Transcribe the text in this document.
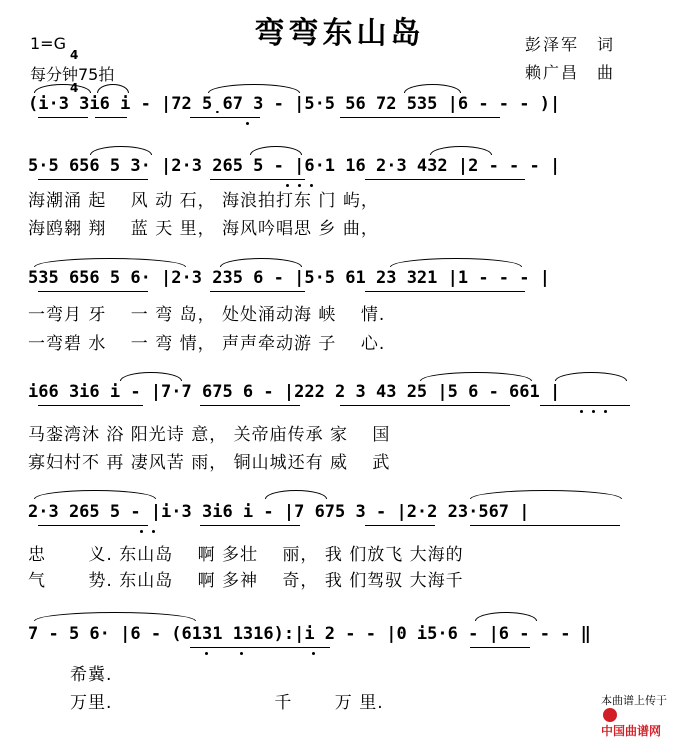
弯弯东山岛
1=G

4

4

每分钟75拍
彭泽军　词
赖广昌　曲
(i·3 3i6 i - |72 5̣67 3 - |5·5 56 72 535 |6 - - - )|
5·5 656 5 3· |2·3 265 5 - |6·1 16 2·3 432 |2 - - - |
海潮涌 起　 风 动 石， 海浪拍打东 门 屿，
海鸥翱 翔　 蓝 天 里， 海风吟唱思 乡 曲，
535 656 5 6· |2·3 235 6 - |5·5 61 23 321 |1 - - - |
一弯月 牙　 一 弯 岛， 处处涌动海 峡　 情.
一弯碧 水　 一 弯 情， 声声牵动游 子　 心.
i66 3i6 i - |7·7 675 6 - |222 2 3 43 25 |5 6 - 661 |
马銮湾沐 浴 阳光诗 意， 关帝庙传承 家　 国
寡妇村不 再 凄风苦 雨， 铜山城还有 威　 武
2·3 265 5 - |i·3 3i6 i - |7 675 3 - |2·2 23·567 |
忠　　 义. 东山岛　 啊 多壮　 丽， 我 们放飞 大海的
气　　 势. 东山岛　 啊 多神　 奇， 我 们驾驭 大海千
7 - 5 6· |6 - (6131 1316):|i 2 - - |0 i5·6 - |6 - - - ‖
希冀.
万里.　　　　　　　　　千　　 万 里.	本曲谱上传于

中国曲谱网
